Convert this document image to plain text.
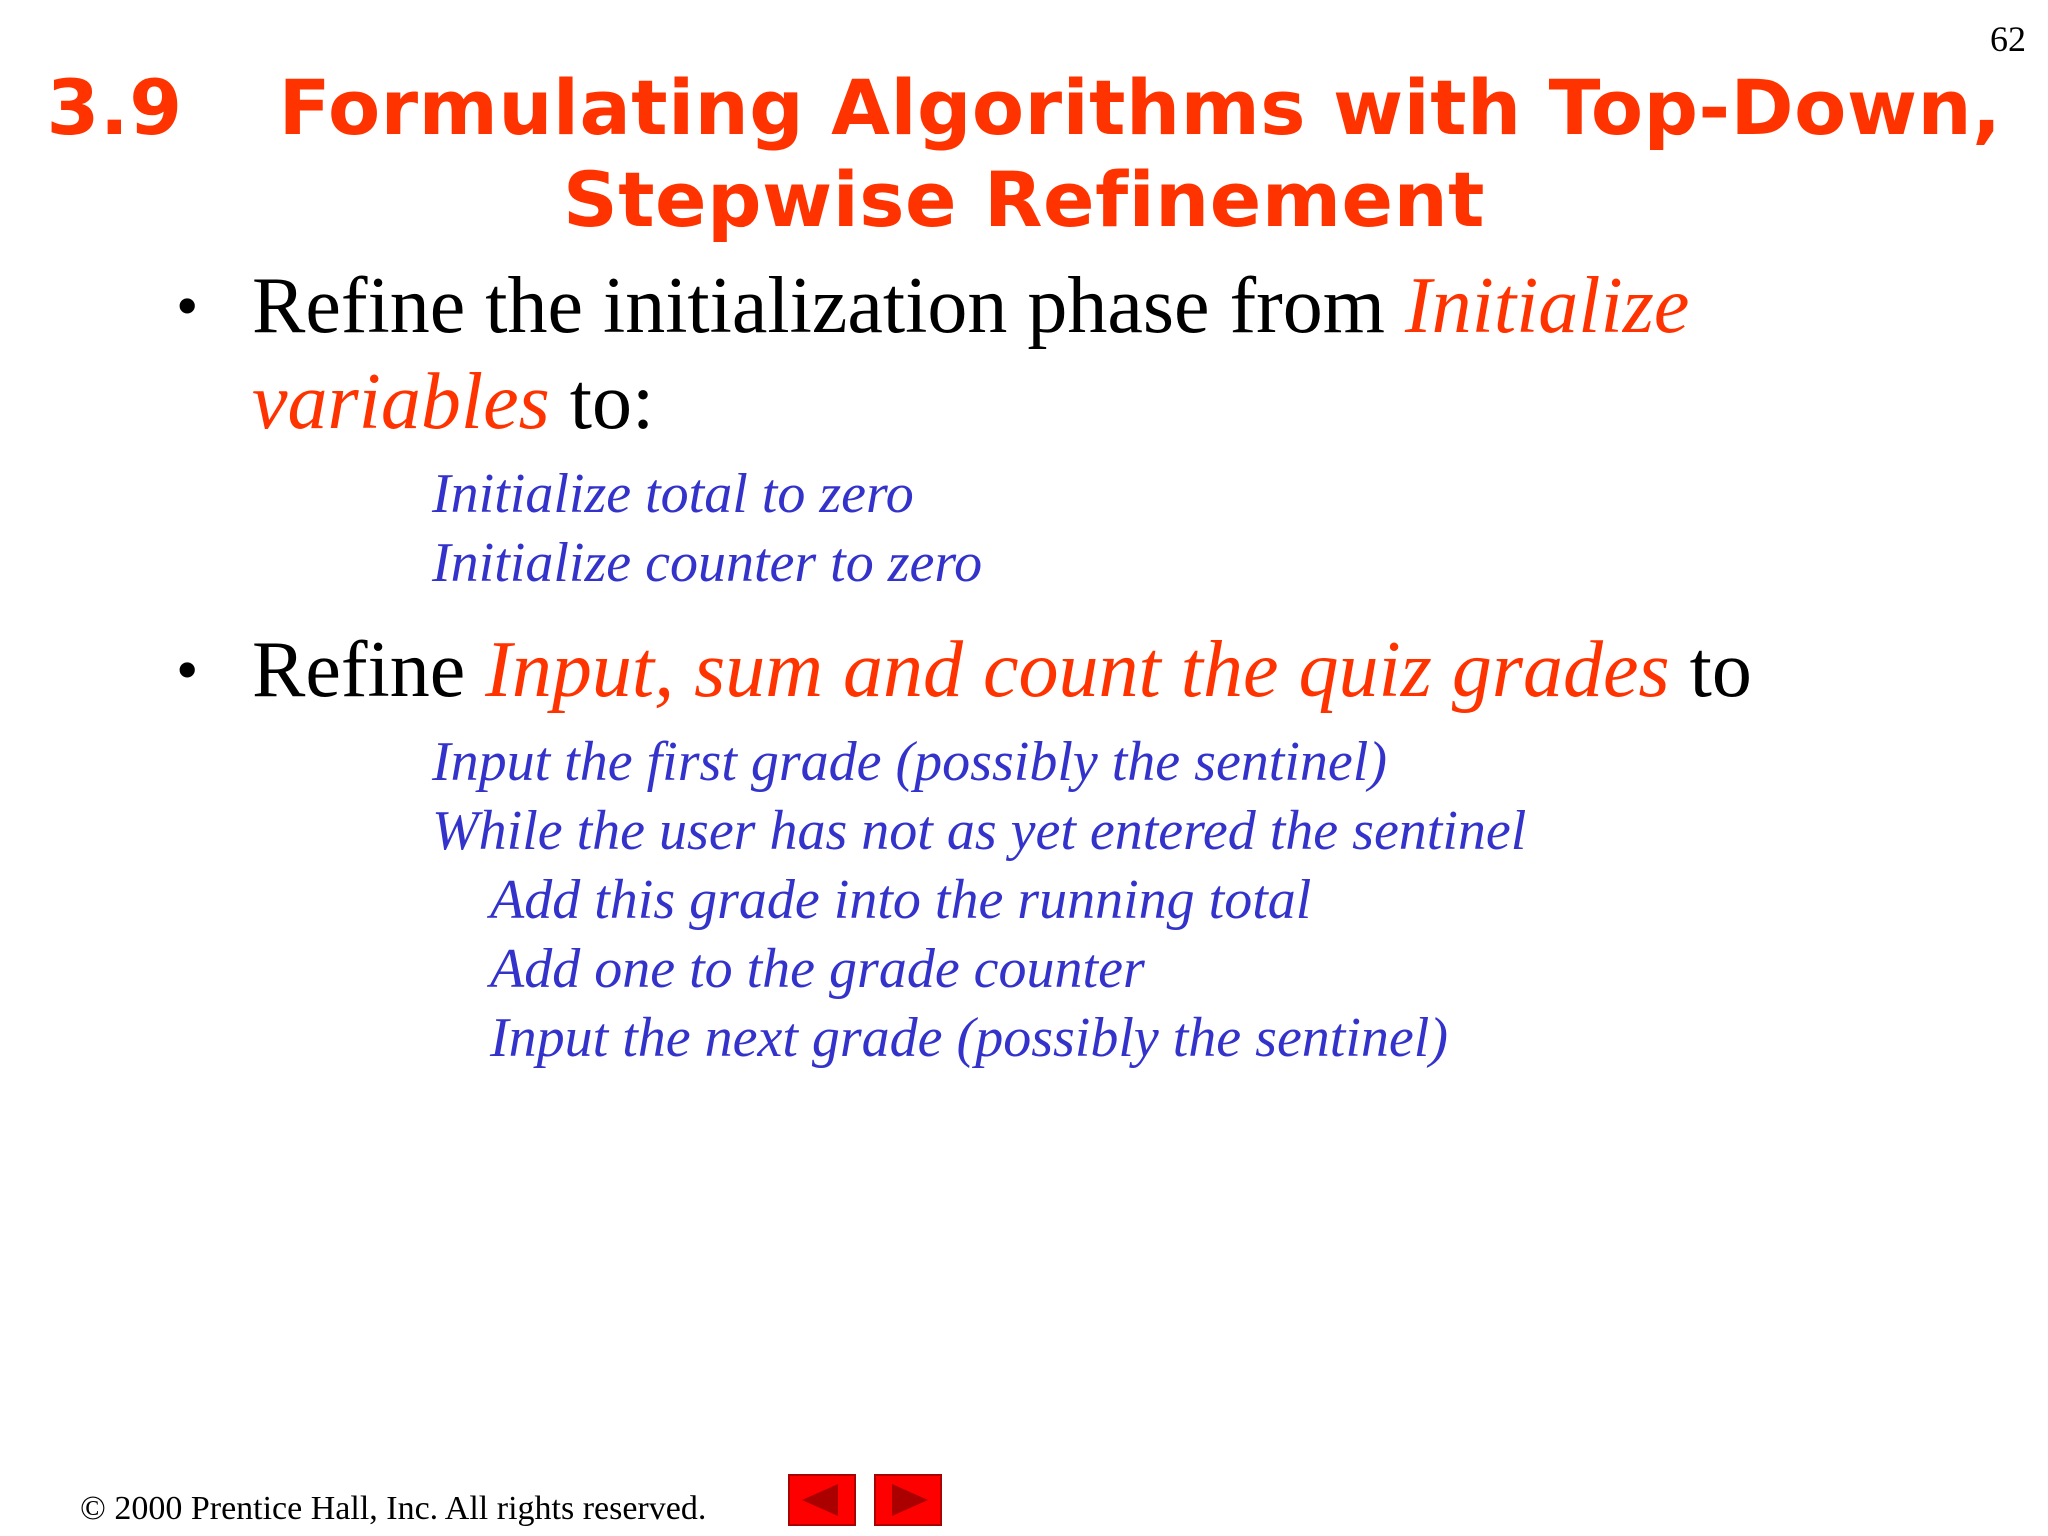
62
3.9 Formulating Algorithms with Top-Down,
Stepwise Refinement
• Refine the initialization phase from Initialize variables to:
Initialize total to zero
Initialize counter to zero
• Refine Input, sum and count the quiz grades to
Input the first grade (possibly the sentinel)
While the user has not as yet entered the sentinel
Add this grade into the running total
Add one to the grade counter
Input the next grade (possibly the sentinel)
© 2000 Prentice Hall, Inc. All rights reserved.
